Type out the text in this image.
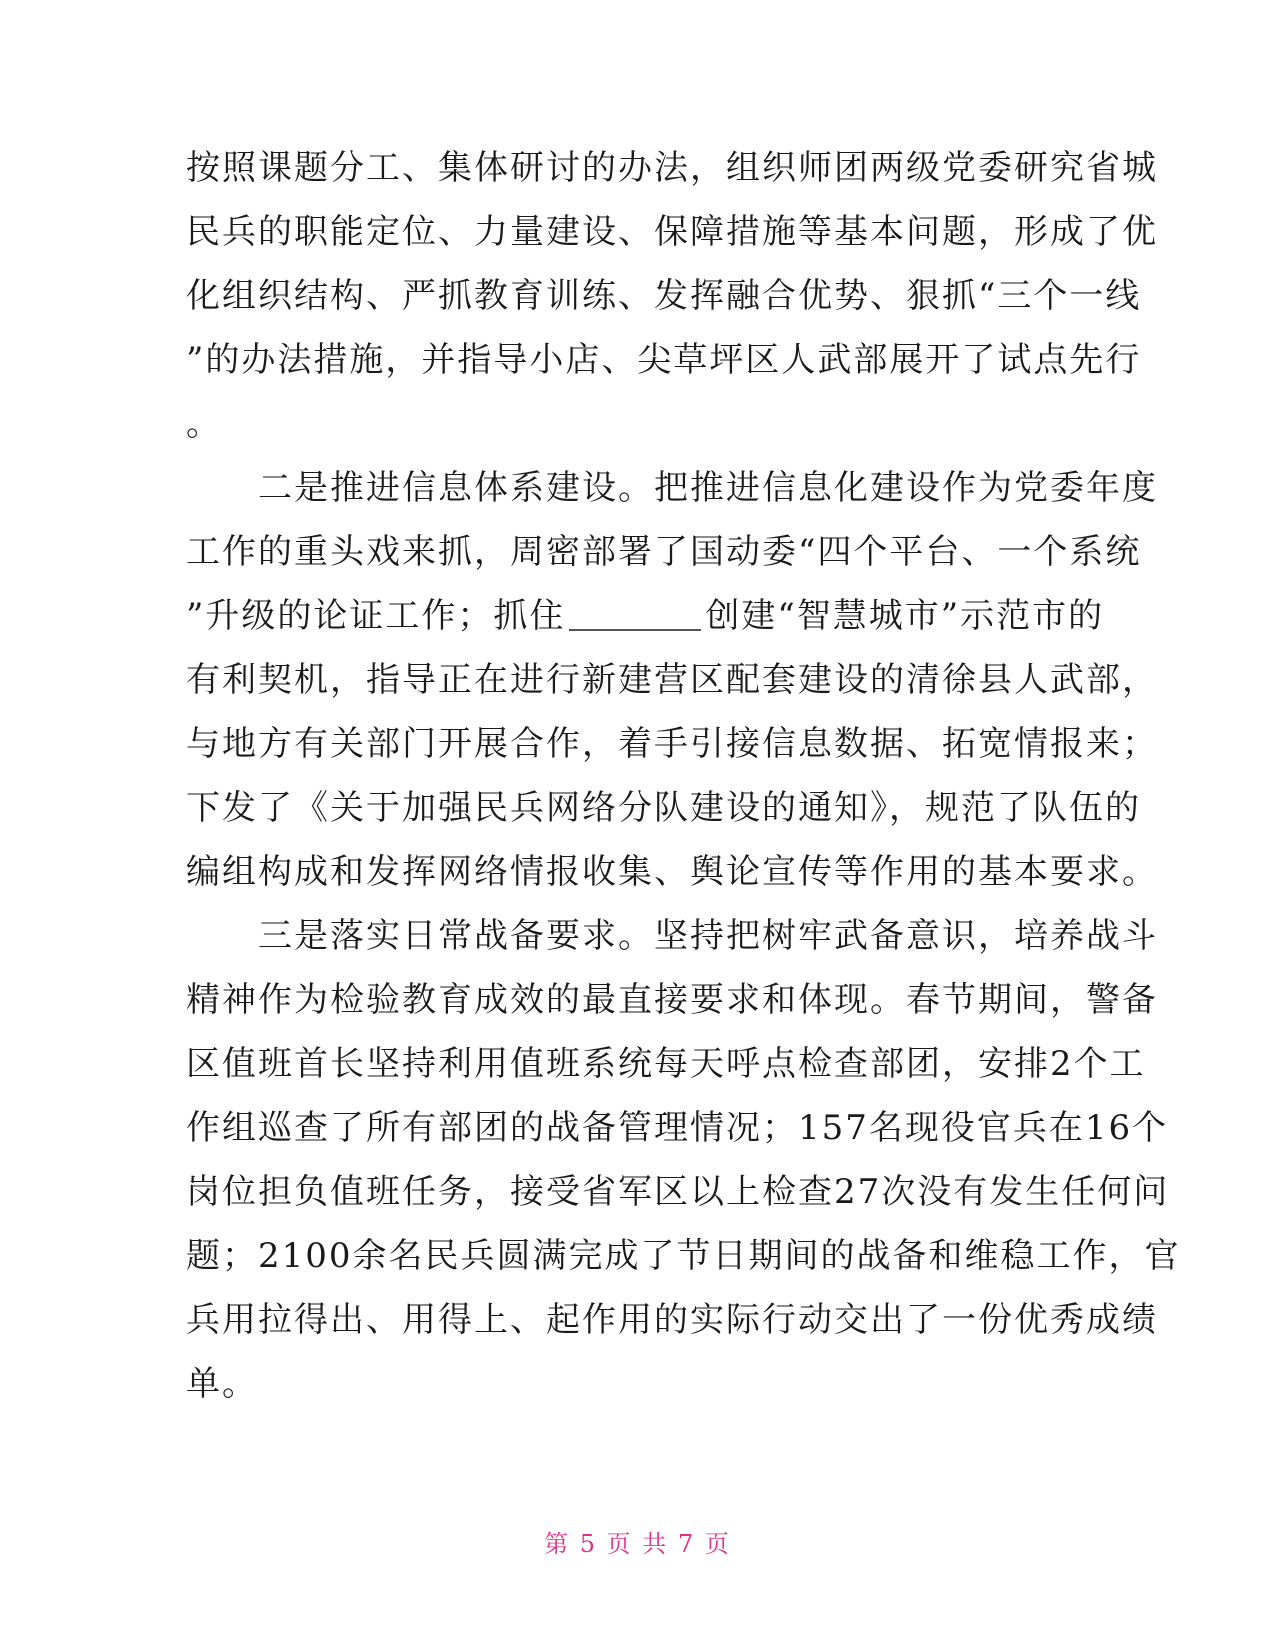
按照课题分工、集体研讨的办法，组织师团两级党委研究省城
民兵的职能定位、力量建设、保障措施等基本问题，形成了优
化组织结构、严抓教育训练、发挥融合优势、狠抓“三个一线
”的办法措施，并指导小店、尖草坪区人武部展开了试点先行
。
　　二是推进信息体系建设。把推进信息化建设作为党委年度
工作的重头戏来抓，周密部署了国动委“四个平台、一个系统
”升级的论证工作；抓住	创建“智慧城市”示范市的
有利契机，指导正在进行新建营区配套建设的清徐县人武部，
与地方有关部门开展合作，着手引接信息数据、拓宽情报来；
下发了《关于加强民兵网络分队建设的通知》，规范了队伍的
编组构成和发挥网络情报收集、舆论宣传等作用的基本要求。
　　三是落实日常战备要求。坚持把树牢武备意识，培养战斗
精神作为检验教育成效的最直接要求和体现。春节期间，警备
区值班首长坚持利用值班系统每天呼点检查部团，安排2个工
作组巡查了所有部团的战备管理情况；157名现役官兵在16个
岗位担负值班任务，接受省军区以上检查27次没有发生任何问
题；2100余名民兵圆满完成了节日期间的战备和维稳工作，官
兵用拉得出、用得上、起作用的实际行动交出了一份优秀成绩
单。
第 5 页 共 7 页
